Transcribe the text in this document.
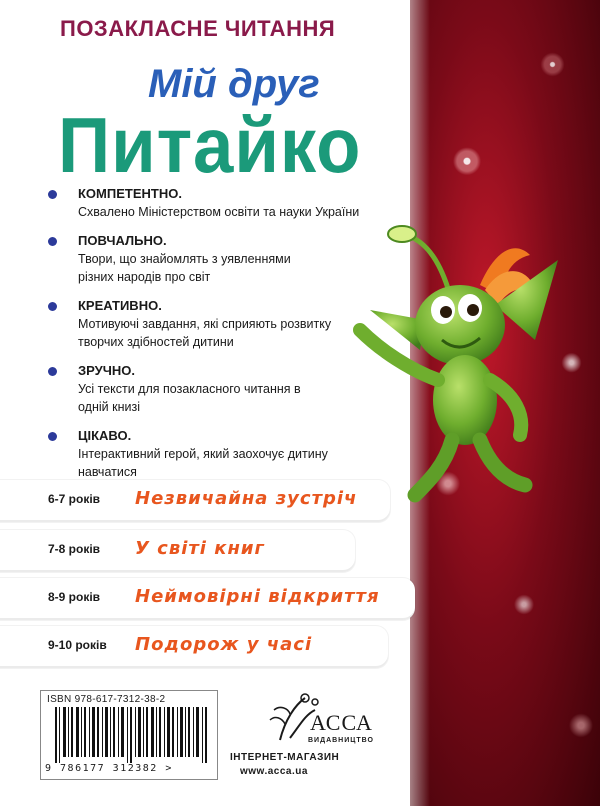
ПОЗАКЛАСНЕ ЧИТАННЯ
Мій друг
Питайко
КОМПЕТЕНТНО.
Схвалено Міністерством освіти та науки України
ПОВЧАЛЬНО.
Твори, що знайомлять з уявленнями різних народів про світ
КРЕАТИВНО.
Мотивуючі завдання, які сприяють розвитку творчих здібностей дитини
ЗРУЧНО.
Усі тексти для позакласного читання в одній книзі
ЦІКАВО.
Інтерактивний герой, який заохочує дитину навчатися
6-7 років Незвичайна зустріч
7-8 років У світі книг
8-9 років Неймовірні відкриття
9-10 років Подорож у часі
ISBN 978-617-7312-38-2
9 786177 312382 >
АССА
ВИДАВНИЦТВО
ІНТЕРНЕТ-МАГАЗИН
www.acca.ua
